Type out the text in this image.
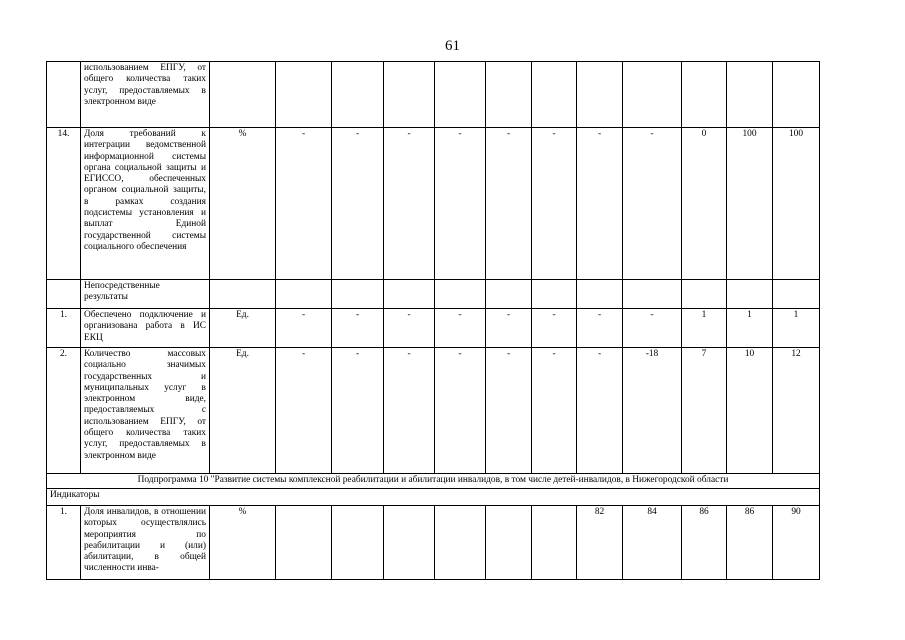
61
	использованием ЕПГУ, от общего количества таких услуг, предоставляемых в электронном виде												
14.	Доля требований к интеграции ведомственной информационной системы органа социальной защиты и ЕГИССО, обеспеченных органом социальной защиты, в рамках создания подсистемы установления и выплат Единой государственной системы социального обеспечения	%	-	-	-	-	-	-	-	-	0	100	100
	Непосредственные результаты												
1.	Обеспечено подключение и организована работа в ИС ЕКЦ	Ед.	-	-	-	-	-	-	-	-	1	1	1
2.	Количество массовых социально значимых государственных и муниципальных услуг в электронном виде, предоставляемых с использованием ЕПГУ, от общего количества таких услуг, предоставляемых в электронном виде	Ед.	-	-	-	-	-	-	-	-18	7	10	12
Подпрограмма 10 "Развитие системы комплексной реабилитации и абилитации инвалидов, в том числе детей-инвалидов, в Нижегородской области													
Индикаторы													
1.	Доля инвалидов, в отношении которых осуществлялись мероприятия по реабилитации и (или) абилитации, в общей численности инва-	%							82	84	86	86	90
